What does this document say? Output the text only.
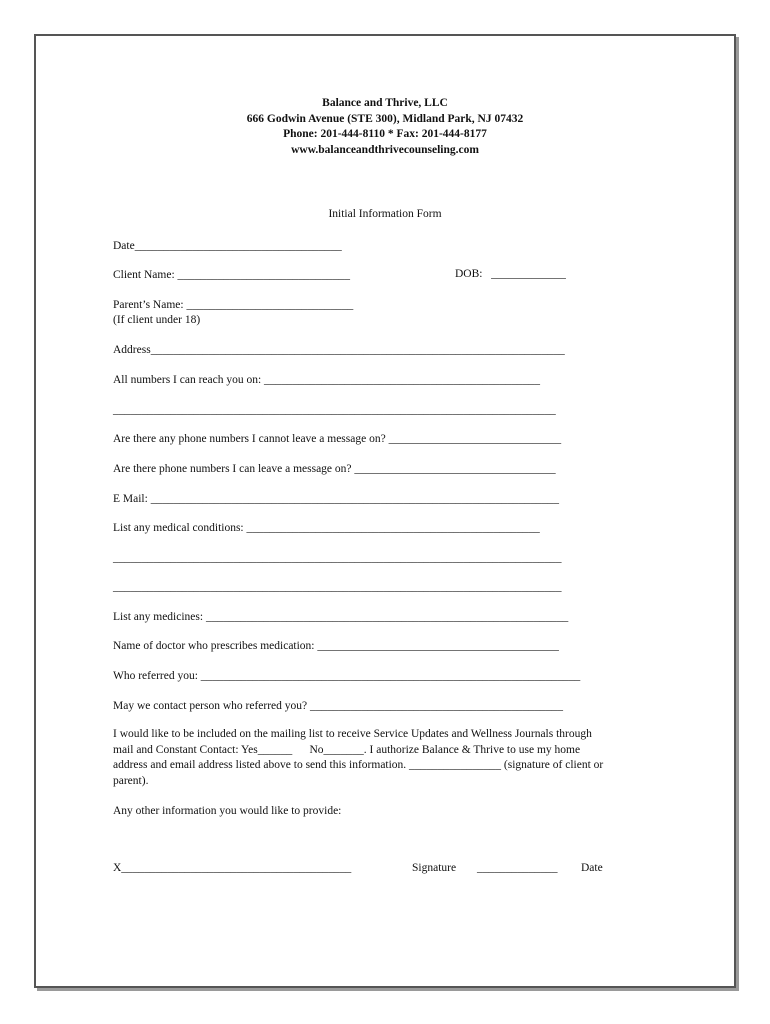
Balance and Thrive, LLC
666 Godwin Avenue (STE 300), Midland Park, NJ 07432
Phone: 201-444-8110 * Fax: 201-444-8177
www.balanceandthrivecounseling.com
Initial Information Form
Date____________________________________
Client Name: ______________________________	DOB:   _____________
Parent’s Name: _____________________________
(If client under 18)
Address________________________________________________________________________
All numbers I can reach you on: ________________________________________________
_____________________________________________________________________________
Are there any phone numbers I cannot leave a message on? ______________________________
Are there phone numbers I can leave a message on? ___________________________________
E Mail: _______________________________________________________________________
List any medical conditions: ___________________________________________________
______________________________________________________________________________
______________________________________________________________________________
List any medicines: _______________________________________________________________
Name of doctor who prescribes medication: __________________________________________
Who referred you: __________________________________________________________________
May we contact person who referred you? ____________________________________________
I would like to be included on the mailing list to receive Service Updates and Wellness Journals through
mail and Constant Contact: Yes______      No_______. I authorize Balance & Thrive to use my home
address and email address listed above to send this information. ________________ (signature of client or
parent).
Any other information you would like to provide:
X________________________________________	Signature ______________ Date
